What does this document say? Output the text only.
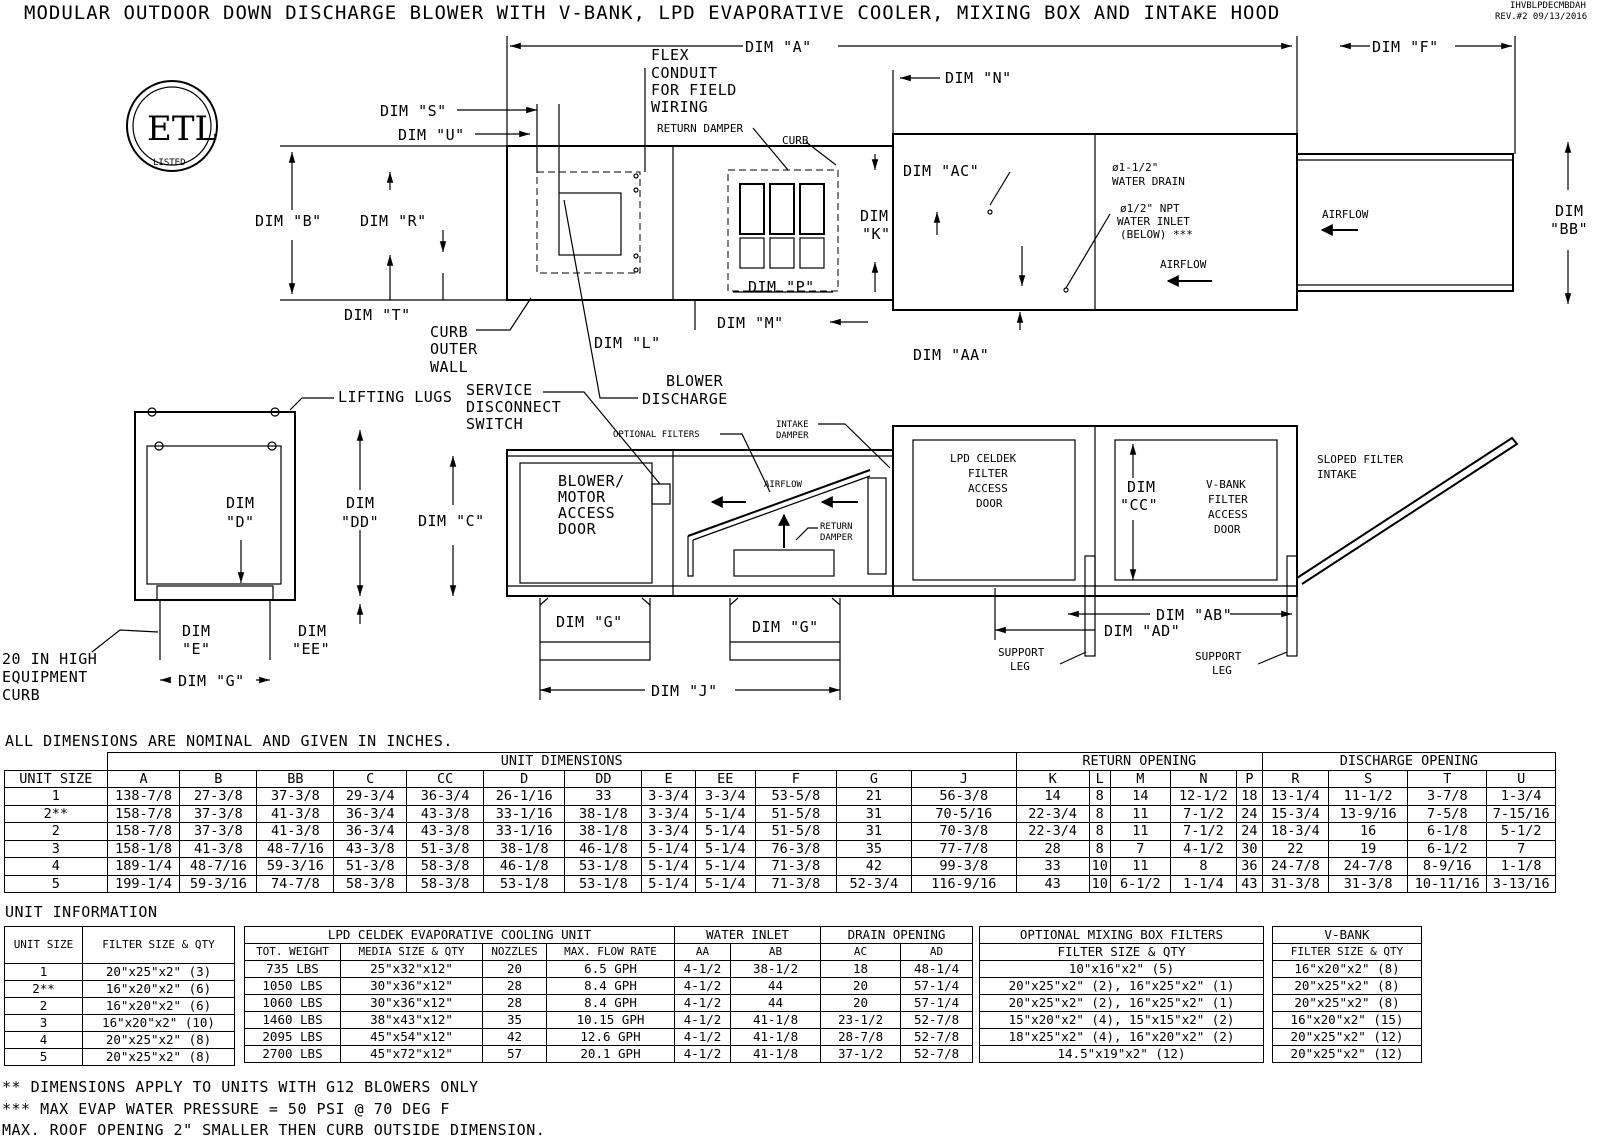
MODULAR OUTDOOR DOWN DISCHARGE BLOWER WITH V-BANK, LPD EVAPORATIVE COOLER, MIXING BOX AND INTAKE HOOD	IHVBLPDECMBDAH
REV.#2 09/13/2016
ETL
LISTED
DIM "A"	DIM "F"
DIM "N"
DIM "S"
DIM "U"
DIM "B"	DIM "R"
DIM "T"
DIM "K"
DIM "P"
DIM "M"
DIM "L"
DIM "AC"
DIM "AA"
DIM "BB"
FLEX CONDUIT FOR FIELD WIRING
RETURN DAMPER
CURB
ø1-1/2" WATER DRAIN
ø1/2" NPT WATER INLET (BELOW) ***
AIRFLOW
AIRFLOW
CURB OUTER WALL
BLOWER DISCHARGE
LIFTING LUGS
DIM "D"
DIM "DD"
DIM "E"
DIM "EE"
DIM "G"
20 IN HIGH EQUIPMENT CURB
SERVICE DISCONNECT SWITCH
OPTIONAL FILTERS
INTAKE DAMPER
BLOWER/ MOTOR ACCESS DOOR
AIRFLOW
RETURN DAMPER
LPD CELDEK FILTER ACCESS DOOR
V-BANK FILTER ACCESS DOOR
SLOPED FILTER INTAKE
SUPPORT LEG
SUPPORT LEG
DIM "C"
DIM "G"	DIM "G"
DIM "J"
DIM "CC"
DIM "AB"
DIM "AD"
ALL DIMENSIONS ARE NOMINAL AND GIVEN IN INCHES.
	UNIT DIMENSIONS												RETURN OPENING					DISCHARGE OPENING			
UNIT SIZE	A	B	BB	C	CC	D	DD	E	EE	F	G	J	K	L	M	N	P	R	S	T	U
1	138-7/8	27-3/8	37-3/8	29-3/4	36-3/4	26-1/16	33	3-3/4	3-3/4	53-5/8	21	56-3/8	14	8	14	12-1/2	18	13-1/4	11-1/2	3-7/8	1-3/4
2**	158-7/8	37-3/8	41-3/8	36-3/4	43-3/8	33-1/16	38-1/8	3-3/4	5-1/4	51-5/8	31	70-5/16	22-3/4	8	11	7-1/2	24	15-3/4	13-9/16	7-5/8	7-15/16
2	158-7/8	37-3/8	41-3/8	36-3/4	43-3/8	33-1/16	38-1/8	3-3/4	5-1/4	51-5/8	31	70-3/8	22-3/4	8	11	7-1/2	24	18-3/4	16	6-1/8	5-1/2
3	158-1/8	41-3/8	48-7/16	43-3/8	51-3/8	38-1/8	46-1/8	5-1/4	5-1/4	76-3/8	35	77-7/8	28	8	7	4-1/2	30	22	19	6-1/2	7
4	189-1/4	48-7/16	59-3/16	51-3/8	58-3/8	46-1/8	53-1/8	5-1/4	5-1/4	71-3/8	42	99-3/8	33	10	11	8	36	24-7/8	24-7/8	8-9/16	1-1/8
5	199-1/4	59-3/16	74-7/8	58-3/8	58-3/8	53-1/8	53-1/8	5-1/4	5-1/4	71-3/8	52-3/4	116-9/16	43	10	6-1/2	1-1/4	43	31-3/8	31-3/8	10-11/16	3-13/16
UNIT INFORMATION
UNIT SIZE	FILTER SIZE & QTY
1	20"x25"x2" (3)
2**	16"x20"x2" (6)
2	16"x20"x2" (6)
3	16"x20"x2" (10)
4	20"x25"x2" (8)
5	20"x25"x2" (8)
LPD CELDEK EVAPORATIVE COOLING UNIT				WATER INLET		DRAIN OPENING	
TOT. WEIGHT	MEDIA SIZE & QTY	NOZZLES	MAX. FLOW RATE	AA	AB	AC	AD
735 LBS	25"x32"x12"	20	6.5 GPH	4-1/2	38-1/2	18	48-1/4
1050 LBS	30"x36"x12"	28	8.4 GPH	4-1/2	44	20	57-1/4
1060 LBS	30"x36"x12"	28	8.4 GPH	4-1/2	44	20	57-1/4
1460 LBS	38"x43"x12"	35	10.15 GPH	4-1/2	41-1/8	23-1/2	52-7/8
2095 LBS	45"x54"x12"	42	12.6 GPH	4-1/2	41-1/8	28-7/8	52-7/8
2700 LBS	45"x72"x12"	57	20.1 GPH	4-1/2	41-1/8	37-1/2	52-7/8
OPTIONAL MIXING BOX FILTERS
FILTER SIZE & QTY
10"x16"x2" (5)
20"x25"x2" (2), 16"x25"x2" (1)
20"x25"x2" (2), 16"x25"x2" (1)
15"x20"x2" (4), 15"x15"x2" (2)
18"x25"x2" (4), 16"x20"x2" (2)
14.5"x19"x2" (12)
V-BANK
FILTER SIZE & QTY
16"x20"x2" (8)
20"x25"x2" (8)
20"x25"x2" (8)
16"x20"x2" (15)
20"x25"x2" (12)
20"x25"x2" (12)
** DIMENSIONS APPLY TO UNITS WITH G12 BLOWERS ONLY
*** MAX EVAP WATER PRESSURE = 50 PSI @ 70 DEG F
MAX. ROOF OPENING 2" SMALLER THEN CURB OUTSIDE DIMENSION.
